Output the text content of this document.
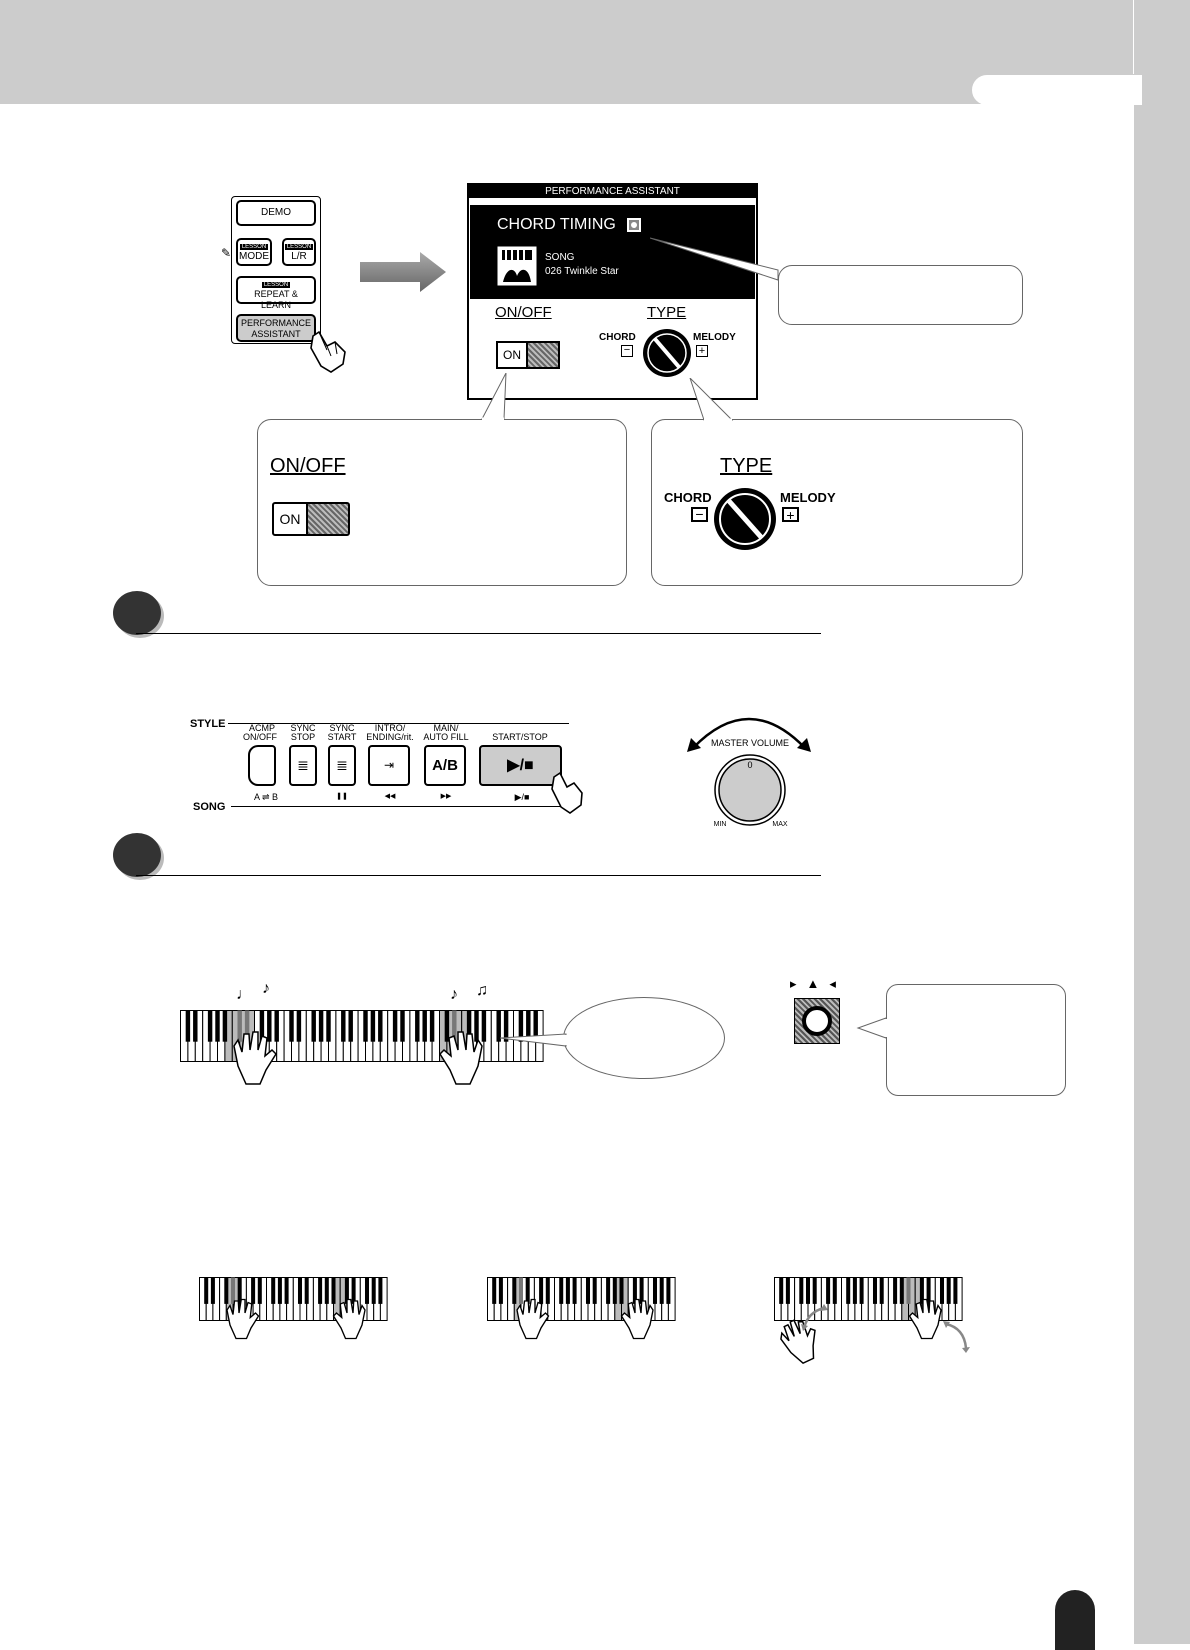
DEMO
✎	LESSON
MODE
LESSON
L/R
LESSON
REPEAT & LEARN
PERFORMANCE
ASSISTANT
PERFORMANCE ASSISTANT
CHORD TIMING
SONG
026 Twinkle Star
ON/OFF
ON
TYPE
CHORD
−
MELODY
+
ON/OFF
ON
TYPE
CHORD
−
MELODY
+
STYLE
SONG
ACMP
ON/OFF
SYNC
STOP
SYNC
START
INTRO/
ENDING/rit.
MAIN/
AUTO FILL	START/STOP
≣	≣	⇥	A/B	▶/■
A ⇌ B	❚❚	◀◀	▶▶	▶/■
MASTER VOLUME
0
MIN	MAX
♩ ♪	♪ ♫	▸▲◂
